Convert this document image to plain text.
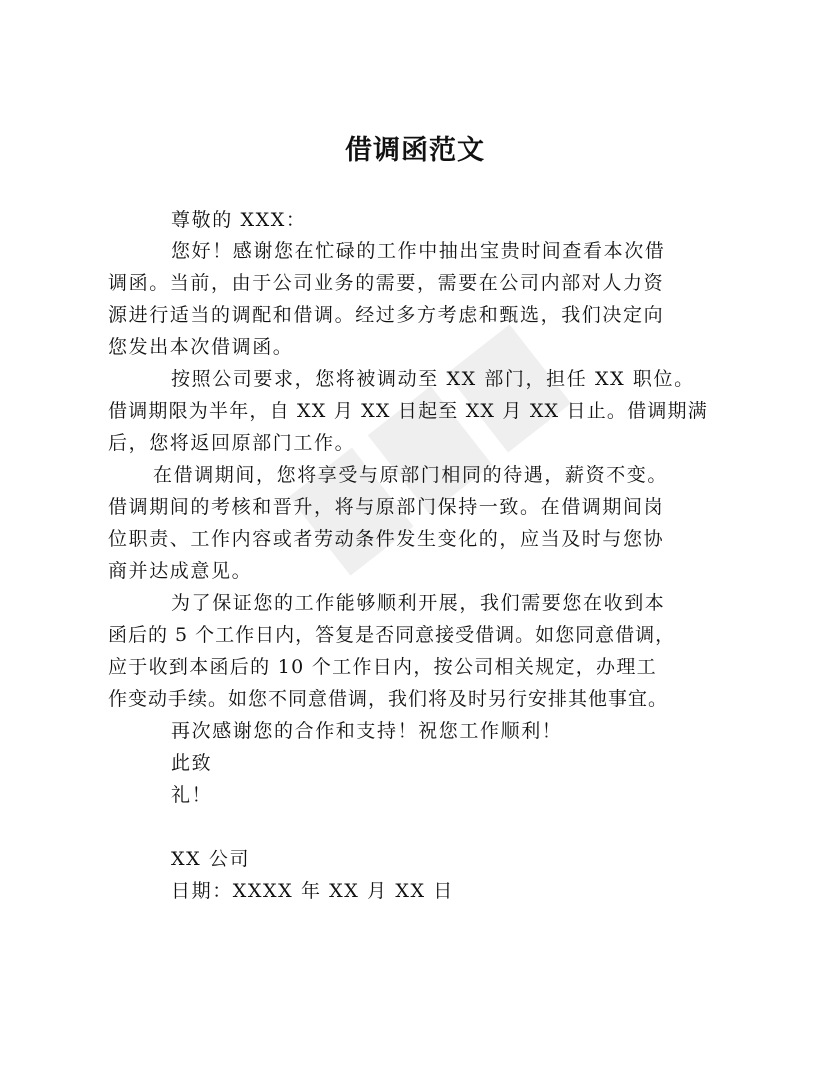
借调函范文
尊敬的 XXX：
您好！感谢您在忙碌的工作中抽出宝贵时间查看本次借
调函。当前，由于公司业务的需要，需要在公司内部对人力资
源进行适当的调配和借调。经过多方考虑和甄选，我们决定向
您发出本次借调函。
按照公司要求，您将被调动至 XX 部门，担任 XX 职位。
借调期限为半年，自 XX 月 XX 日起至 XX 月 XX 日止。借调期满
后，您将返回原部门工作。
在借调期间，您将享受与原部门相同的待遇，薪资不变。
借调期间的考核和晋升，将与原部门保持一致。在借调期间岗
位职责、工作内容或者劳动条件发生变化的，应当及时与您协
商并达成意见。
为了保证您的工作能够顺利开展，我们需要您在收到本
函后的 5 个工作日内，答复是否同意接受借调。如您同意借调，
应于收到本函后的 10 个工作日内，按公司相关规定，办理工
作变动手续。如您不同意借调，我们将及时另行安排其他事宜。
再次感谢您的合作和支持！祝您工作顺利！
此致
礼！
XX 公司
日期：XXXX 年 XX 月 XX 日
